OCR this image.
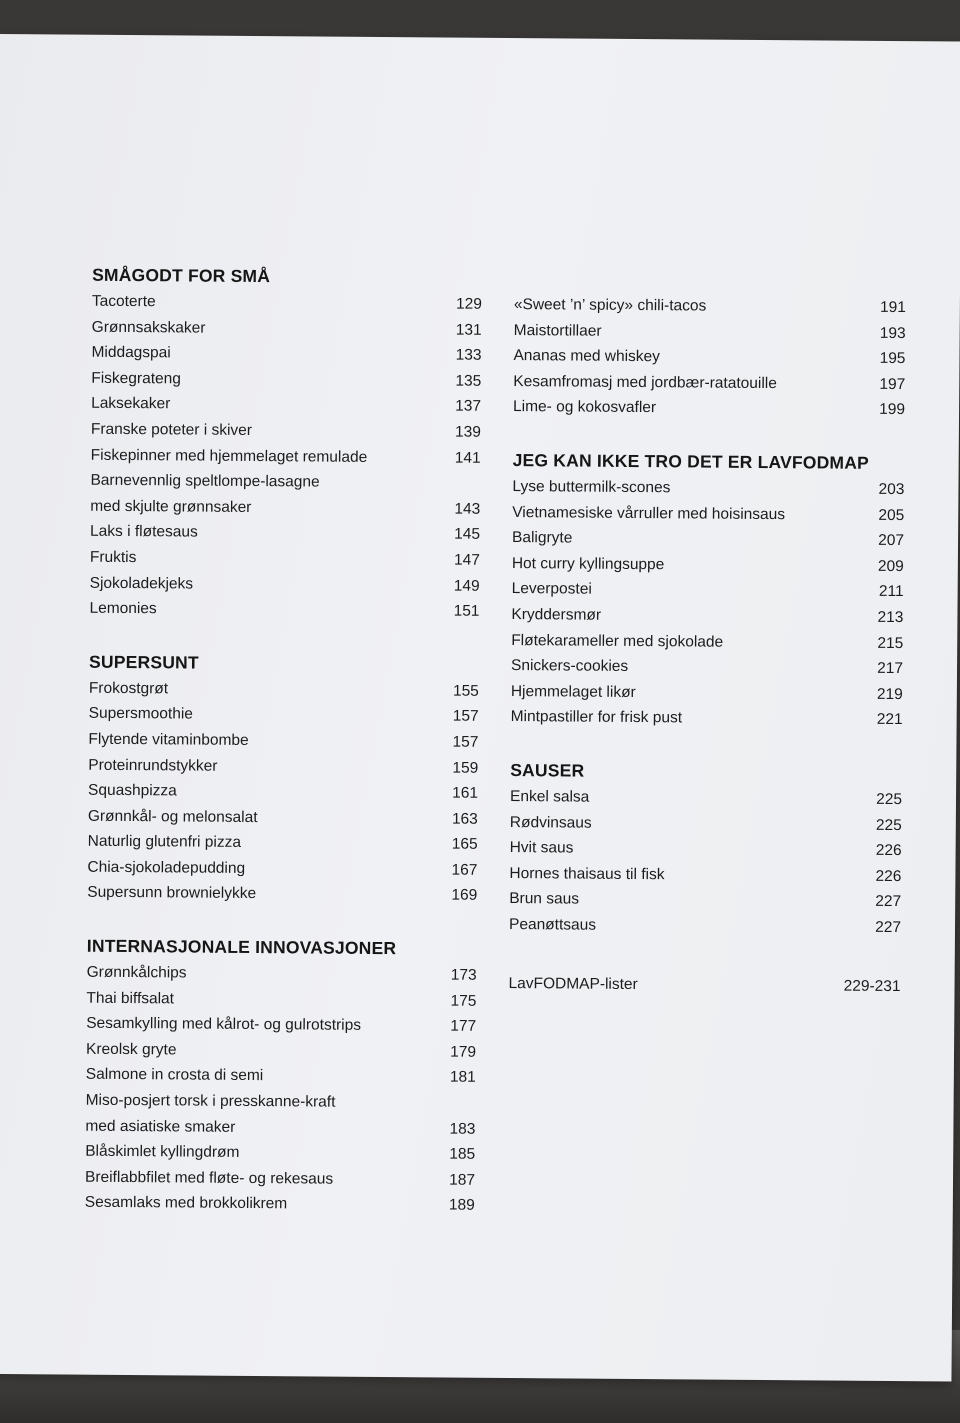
SMÅGODT FOR SMÅ
Tacoterte	129
Grønnsakskaker	131
Middagspai	133
Fiskegrateng	135
Laksekaker	137
Franske poteter i skiver	139
Fiskepinner med hjemmelaget remulade	141
Barnevennlig speltlompe-lasagne
med skjulte grønnsaker	143
Laks i fløtesaus	145
Fruktis	147
Sjokoladekjeks	149
Lemonies	151
SUPERSUNT
Frokostgrøt	155
Supersmoothie	157
Flytende vitaminbombe	157
Proteinrundstykker	159
Squashpizza	161
Grønnkål- og melonsalat	163
Naturlig glutenfri pizza	165
Chia-sjokoladepudding	167
Supersunn brownielykke	169
INTERNASJONALE INNOVASJONER
Grønnkålchips	173
Thai biffsalat	175
Sesamkylling med kålrot- og gulrotstrips	177
Kreolsk gryte	179
Salmone in crosta di semi	181
Miso-posjert torsk i presskanne-kraft
med asiatiske smaker	183
Blåskimlet kyllingdrøm	185
Breiflabbfilet med fløte- og rekesaus	187
Sesamlaks med brokkolikrem	189
«Sweet ’n’ spicy» chili-tacos	191
Maistortillaer	193
Ananas med whiskey	195
Kesamfromasj med jordbær-ratatouille	197
Lime- og kokosvafler	199
JEG KAN IKKE TRO DET ER LAVFODMAP
Lyse buttermilk-scones	203
Vietnamesiske vårruller med hoisinsaus	205
Baligryte	207
Hot curry kyllingsuppe	209
Leverpostei	211
Kryddersmør	213
Fløtekarameller med sjokolade	215
Snickers-cookies	217
Hjemmelaget likør	219
Mintpastiller for frisk pust	221
SAUSER
Enkel salsa	225
Rødvinsaus	225
Hvit saus	226
Hornes thaisaus til fisk	226
Brun saus	227
Peanøttsaus	227
LavFODMAP-lister	229-231
